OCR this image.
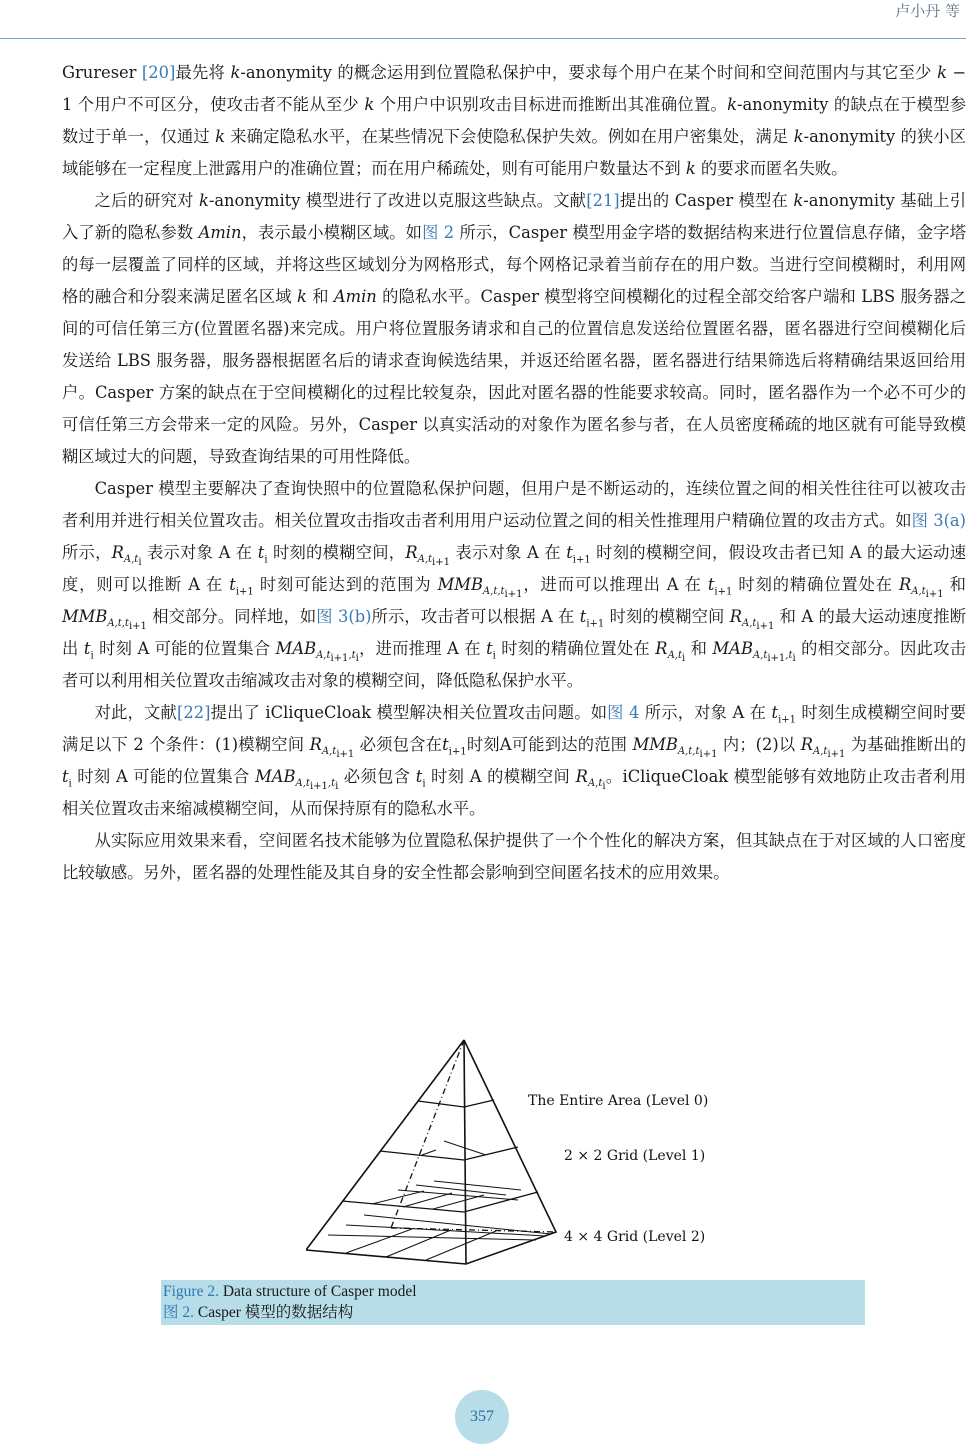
卢小丹 等

Grureser [20]最先将 k-anonymity 的概念运用到位置隐私保护中，要求每个用户在某个时间和空间范围内与其它至少 k − 1 个用户不可区分，使攻击者不能从至少 k 个用户中识别攻击目标进而推断出其准确位置。k-anonymity 的缺点在于模型参数过于单一，仅通过 k 来确定隐私水平，在某些情况下会使隐私保护失效。例如在用户密集处，满足 k-anonymity 的狭小区域能够在一定程度上泄露用户的准确位置；而在用户稀疏处，则有可能用户数量达不到 k 的要求而匿名失败。

之后的研究对 k-anonymity 模型进行了改进以克服这些缺点。文献[21]提出的 Casper 模型在 k-anonymity 基础上引入了新的隐私参数 Amin，表示最小模糊区域。如图 2 所示，Casper 模型用金字塔的数据结构来进行位置信息存储，金字塔的每一层覆盖了同样的区域，并将这些区域划分为网格形式，每个网格记录着当前存在的用户数。当进行空间模糊时，利用网格的融合和分裂来满足匿名区域 k 和 Amin 的隐私水平。Casper 模型将空间模糊化的过程全部交给客户端和 LBS 服务器之间的可信任第三方(位置匿名器)来完成。用户将位置服务请求和自己的位置信息发送给位置匿名器，匿名器进行空间模糊化后发送给 LBS 服务器，服务器根据匿名后的请求查询候选结果，并返还给匿名器，匿名器进行结果筛选后将精确结果返回给用户。Casper 方案的缺点在于空间模糊化的过程比较复杂，因此对匿名器的性能要求较高。同时，匿名器作为一个必不可少的可信任第三方会带来一定的风险。另外，Casper 以真实活动的对象作为匿名参与者，在人员密度稀疏的地区就有可能导致模糊区域过大的问题，导致查询结果的可用性降低。

Casper 模型主要解决了查询快照中的位置隐私保护问题，但用户是不断运动的，连续位置之间的相关性往往可以被攻击者利用并进行相关位置攻击。相关位置攻击指攻击者利用用户运动位置之间的相关性推理用户精确位置的攻击方式。如图 3(a)所示，$R_{A,t_i}$ 表示对象 A 在 $t_i$ 时刻的模糊空间，$R_{A,t_{i+1}}$ 表示对象 A 在 $t_{i+1}$ 时刻的模糊空间，假设攻击者已知 A 的最大运动速度，则可以推断 A 在 $t_{i+1}$ 时刻可能达到的范围为 $MMB_{A,t,t_{i+1}}$，进而可以推理出 A 在 $t_{i+1}$ 时刻的精确位置处在 $R_{A,t_{i+1}}$ 和 $MMB_{A,t,t_{i+1}}$ 相交部分。同样地，如图 3(b)所示，攻击者可以根据 A 在 $t_{i+1}$ 时刻的模糊空间 $R_{A,t_{i+1}}$ 和 A 的最大运动速度推断出 $t_i$ 时刻 A 可能的位置集合 $MAB_{A,t_{i+1},t_i}$，进而推理 A 在 $t_i$ 时刻的精确位置处在 $R_{A,t_i}$ 和 $MAB_{A,t_{i+1},t_i}$ 的相交部分。因此攻击者可以利用相关位置攻击缩减攻击对象的模糊空间，降低隐私保护水平。

对此，文献[22]提出了 iCliqueCloak 模型解决相关位置攻击问题。如图 4 所示，对象 A 在 $t_{i+1}$ 时刻生成模糊空间时要满足以下 2 个条件：(1)模糊空间 $R_{A,t_{i+1}}$ 必须包含在$t_{i+1}$时刻A可能到达的范围 $MMB_{A,t,t_{i+1}}$ 内；(2)以 $R_{A,t_{i+1}}$ 为基础推断出的 $t_i$ 时刻 A 可能的位置集合 $MAB_{A,t_{i+1},t_i}$ 必须包含 $t_i$ 时刻 A 的模糊空间 $R_{A,t_i}$。iCliqueCloak 模型能够有效地防止攻击者利用相关位置攻击来缩减模糊空间，从而保持原有的隐私水平。

从实际应用效果来看，空间匿名技术能够为位置隐私保护提供了一个个性化的解决方案，但其缺点在于对区域的人口密度比较敏感。另外，匿名器的处理性能及其自身的安全性都会影响到空间匿名技术的应用效果。

The Entire Area (Level 0)
2 × 2 Grid (Level 1)
4 × 4 Grid (Level 2)
Figure 2. Data structure of Casper model
图 2. Casper 模型的数据结构
357
